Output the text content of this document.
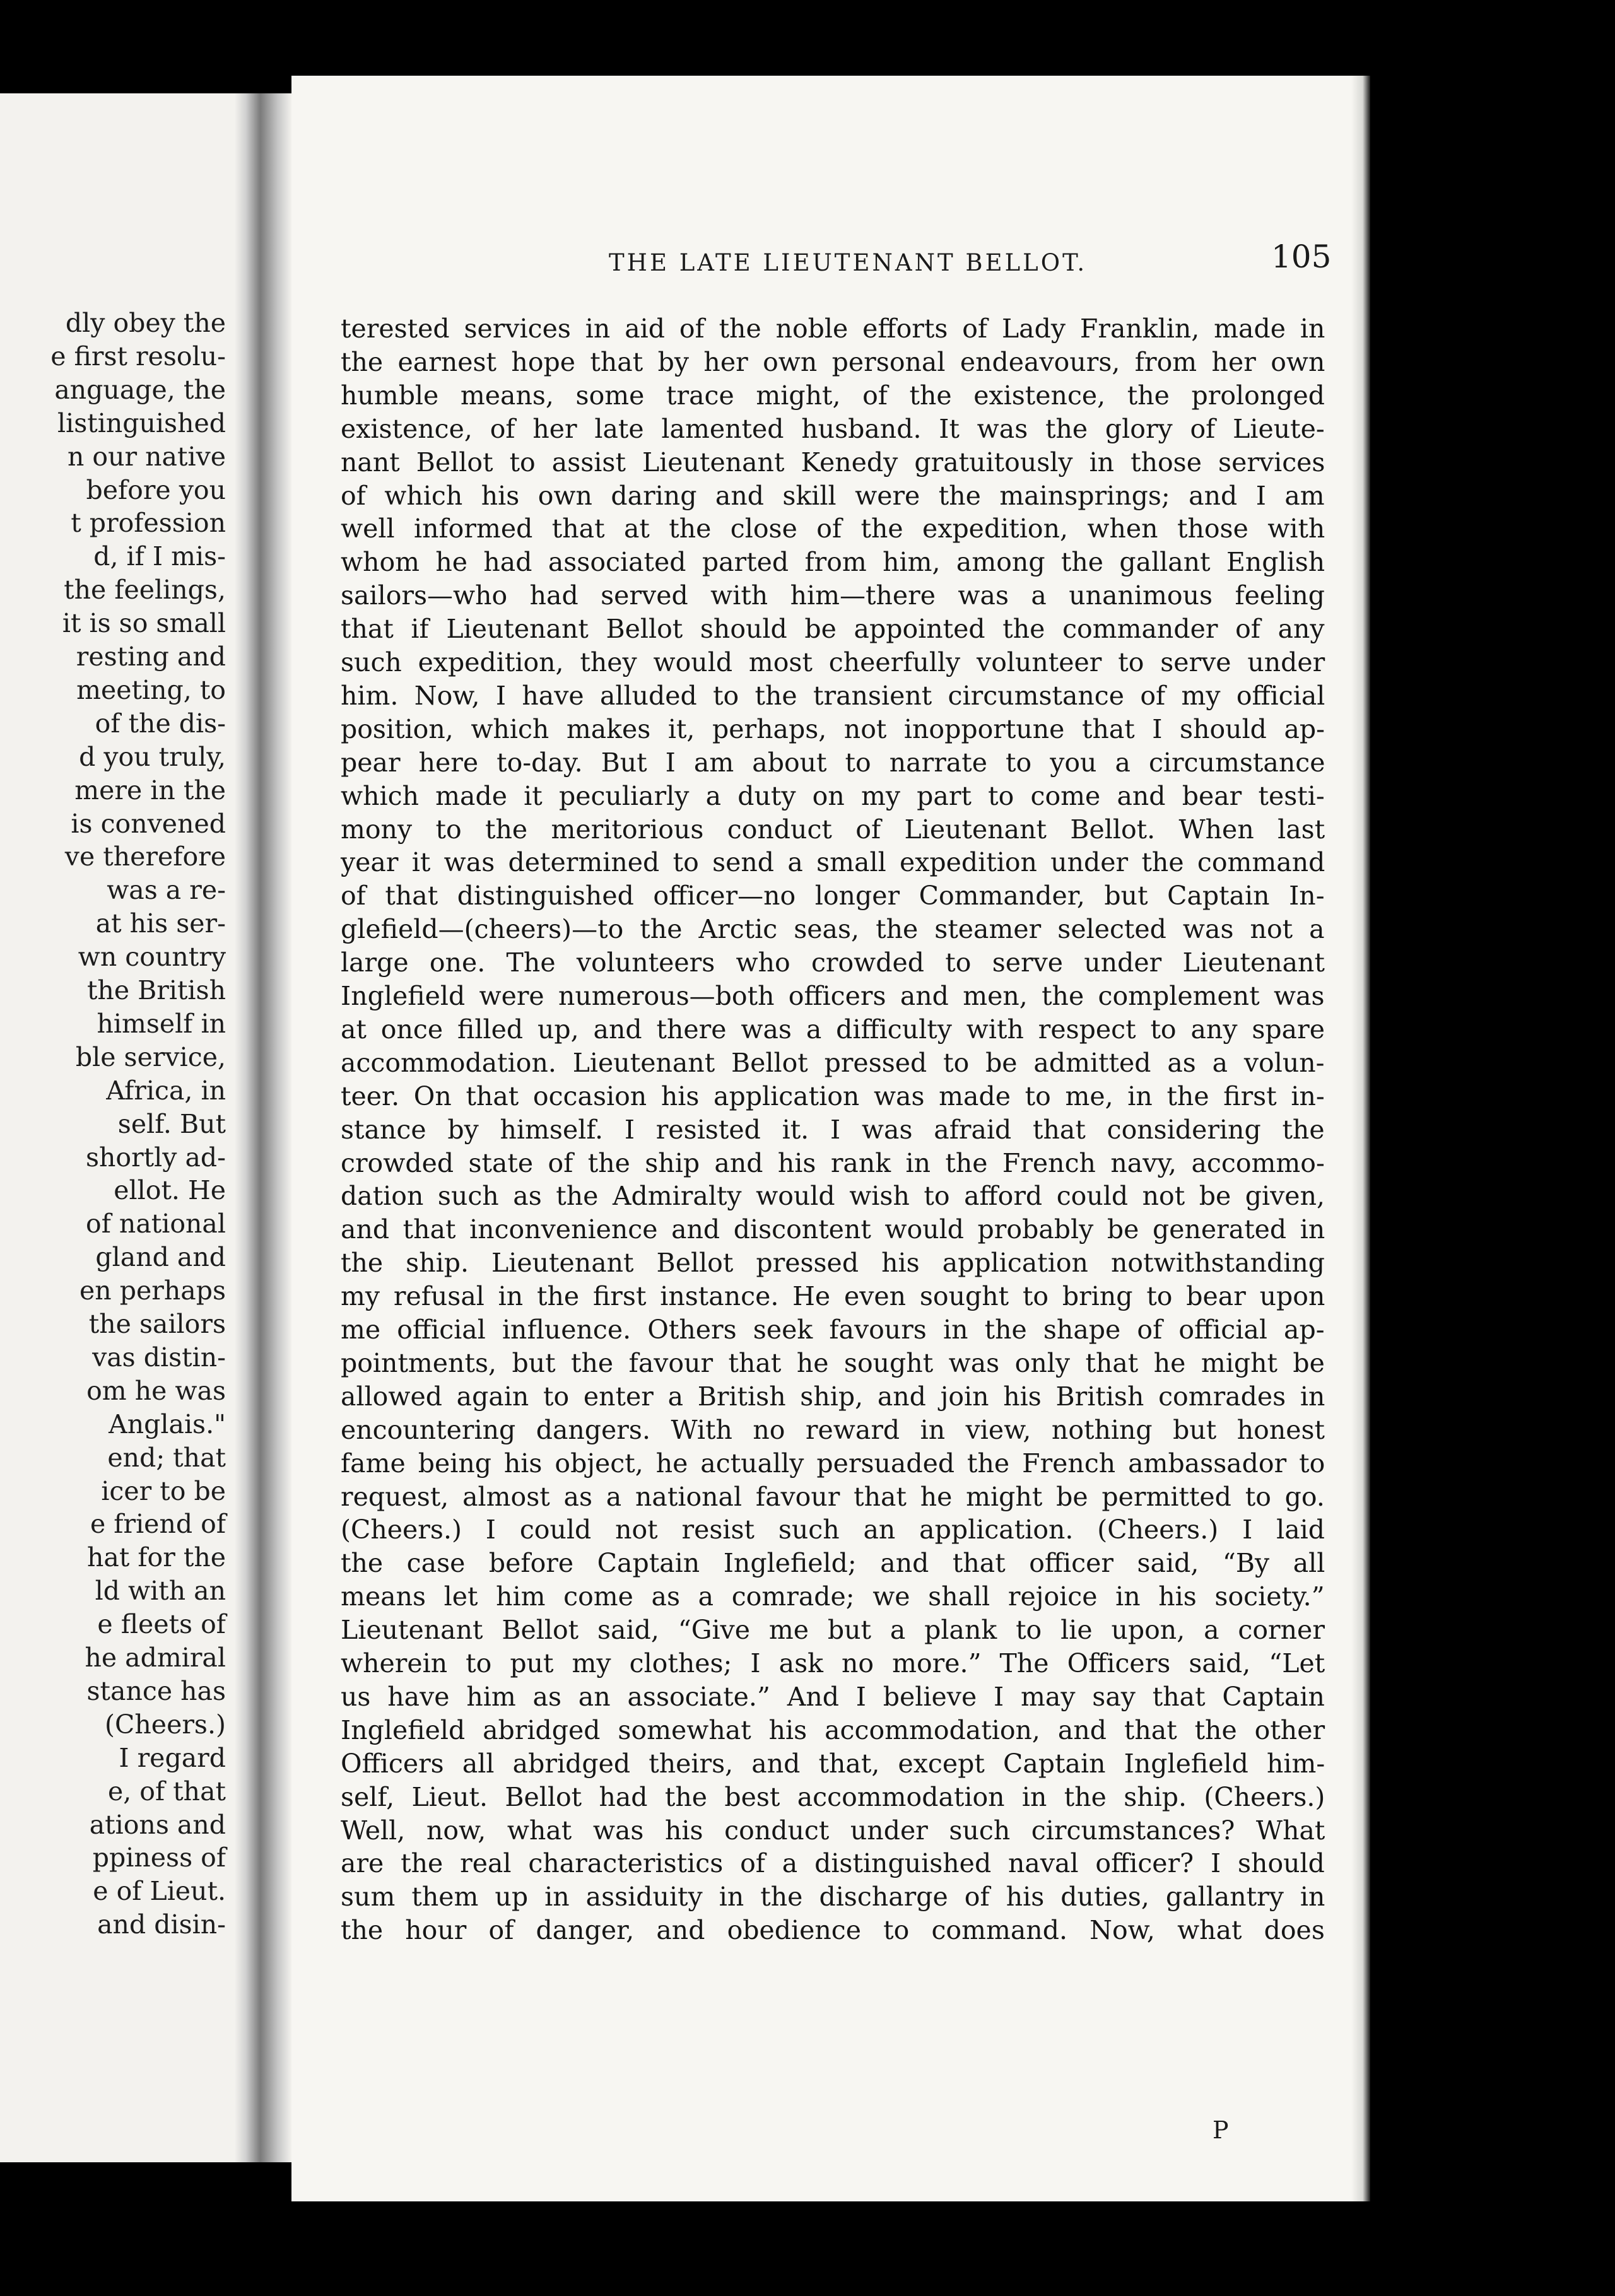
dly obey the
e first resolu-
anguage, the
listinguished
n our native
before you
t profession
d, if I mis-
the feelings,
it is so small
resting and
meeting, to
of the dis-
d you truly,
mere in the
is convened
ve therefore
was a re-
at his ser-
wn country
the British
himself in
ble service,
Africa, in
self. But
shortly ad-
ellot. He
of national
gland and
en perhaps
the sailors
vas distin-
om he was
Anglais."
end; that
icer to be
e friend of
hat for the
ld with an
e fleets of
he admiral
stance has
(Cheers.)
I regard
e, of that
ations and
ppiness of
e of Lieut.
and disin-
THE LATE LIEUTENANT BELLOT.	105
terested services in aid of the noble efforts of Lady Franklin, made in
the earnest hope that by her own personal endeavours, from her own
humble means, some trace might, of the existence, the prolonged
existence, of her late lamented husband. It was the glory of Lieute-
nant Bellot to assist Lieutenant Kenedy gratuitously in those services
of which his own daring and skill were the mainsprings; and I am
well informed that at the close of the expedition, when those with
whom he had associated parted from him, among the gallant English
sailors—who had served with him—there was a unanimous feeling
that if Lieutenant Bellot should be appointed the commander of any
such expedition, they would most cheerfully volunteer to serve under
him. Now, I have alluded to the transient circumstance of my official
position, which makes it, perhaps, not inopportune that I should ap-
pear here to-day. But I am about to narrate to you a circumstance
which made it peculiarly a duty on my part to come and bear testi-
mony to the meritorious conduct of Lieutenant Bellot. When last
year it was determined to send a small expedition under the command
of that distinguished officer—no longer Commander, but Captain In-
glefield—(cheers)—to the Arctic seas, the steamer selected was not a
large one. The volunteers who crowded to serve under Lieutenant
Inglefield were numerous—both officers and men, the complement was
at once filled up, and there was a difficulty with respect to any spare
accommodation. Lieutenant Bellot pressed to be admitted as a volun-
teer. On that occasion his application was made to me, in the first in-
stance by himself. I resisted it. I was afraid that considering the
crowded state of the ship and his rank in the French navy, accommo-
dation such as the Admiralty would wish to afford could not be given,
and that inconvenience and discontent would probably be generated in
the ship. Lieutenant Bellot pressed his application notwithstanding
my refusal in the first instance. He even sought to bring to bear upon
me official influence. Others seek favours in the shape of official ap-
pointments, but the favour that he sought was only that he might be
allowed again to enter a British ship, and join his British comrades in
encountering dangers. With no reward in view, nothing but honest
fame being his object, he actually persuaded the French ambassador to
request, almost as a national favour that he might be permitted to go.
(Cheers.) I could not resist such an application. (Cheers.) I laid
the case before Captain Inglefield; and that officer said, “By all
means let him come as a comrade; we shall rejoice in his society.”
Lieutenant Bellot said, “Give me but a plank to lie upon, a corner
wherein to put my clothes; I ask no more.” The Officers said, “Let
us have him as an associate.” And I believe I may say that Captain
Inglefield abridged somewhat his accommodation, and that the other
Officers all abridged theirs, and that, except Captain Inglefield him-
self, Lieut. Bellot had the best accommodation in the ship. (Cheers.)
Well, now, what was his conduct under such circumstances? What
are the real characteristics of a distinguished naval officer? I should
sum them up in assiduity in the discharge of his duties, gallantry in
the hour of danger, and obedience to command. Now, what does
P
